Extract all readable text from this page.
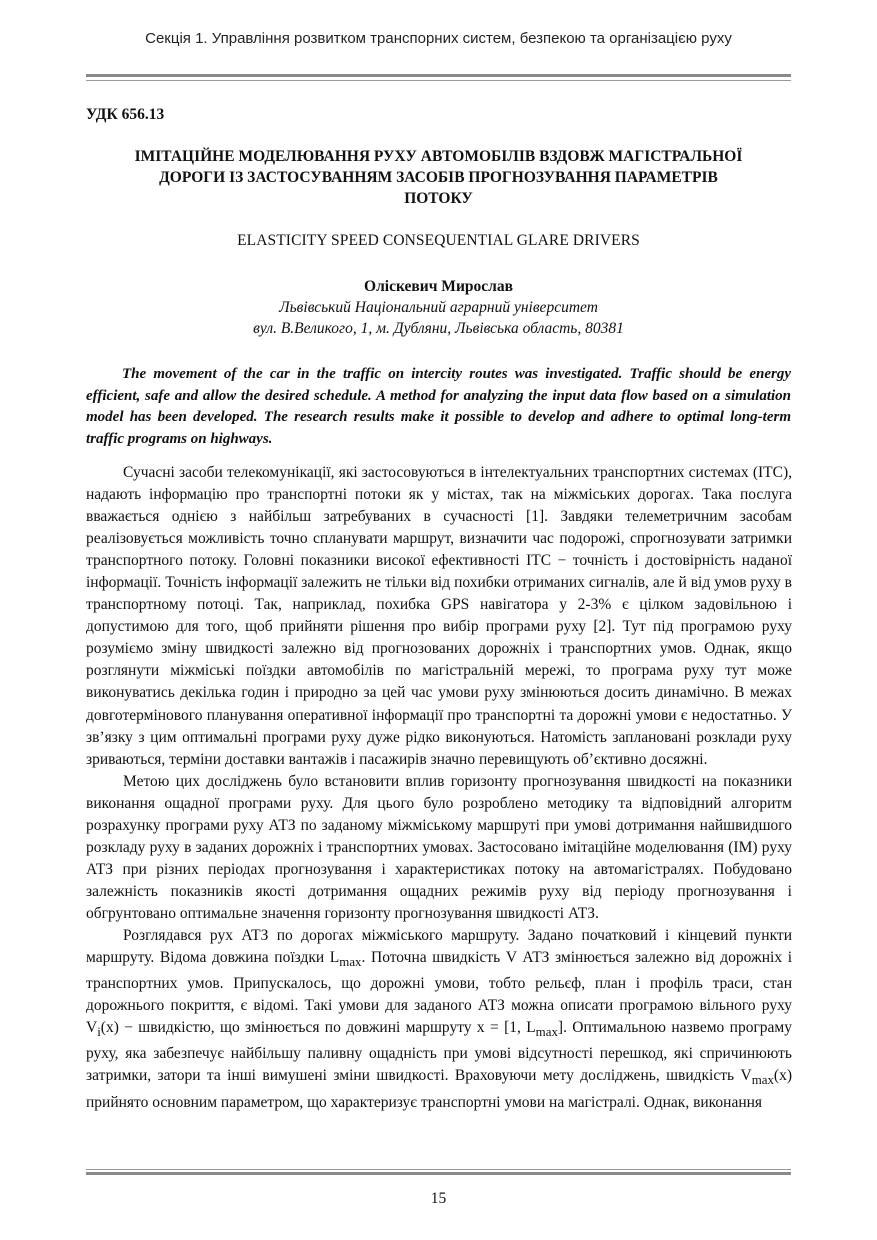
Секція 1. Управління розвитком транспорних систем, безпекою та організацією руху
УДК 656.13
ІМІТАЦІЙНЕ МОДЕЛЮВАННЯ РУХУ АВТОМОБІЛІВ ВЗДОВЖ МАГІСТРАЛЬНОЇ
ДОРОГИ ІЗ ЗАСТОСУВАННЯМ ЗАСОБІВ ПРОГНОЗУВАННЯ ПАРАМЕТРІВ
ПОТОКУ
ELASTICITY SPEED CONSEQUENTIAL GLARE DRIVERS
Оліскевич Мирослав
Львівський Національний аграрний університет
вул. В.Великого, 1, м. Дубляни, Львівська область, 80381

The movement of the car in the traffic on intercity routes was investigated. Traffic should be energy efficient, safe and allow the desired schedule. A method for analyzing the input data flow based on a simulation model has been developed. The research results make it possible to develop and adhere to optimal long-term traffic programs on highways.

Сучасні засоби телекомунікації, які застосовуються в інтелектуальних транспортних системах (ІТС), надають інформацію про транспортні потоки як у містах, так на міжміських дорогах. Така послуга вважається однією з найбільш затребуваних в сучасності [1]. Завдяки телеметричним засобам реалізовується можливість точно спланувати маршрут, визначити час подорожі, спрогнозувати затримки транспортного потоку. Головні показники високої ефективності ІТС − точність і достовірність наданої інформації. Точність інформації залежить не тільки від похибки отриманих сигналів, але й від умов руху в транспортному потоці. Так, наприклад, похибка GPS навігатора у 2-3% є цілком задовільною і допустимою для того, щоб прийняти рішення про вибір програми руху [2]. Тут під програмою руху розуміємо зміну швидкості залежно від прогнозованих дорожніх і транспортних умов. Однак, якщо розглянути міжміські поїздки автомобілів по магістральній мережі, то програма руху тут може виконуватись декілька годин і природно за цей час умови руху змінюються досить динамічно. В межах довготермінового планування оперативної інформації про транспортні та дорожні умови є недостатньо. У зв’язку з цим оптимальні програми руху дуже рідко виконуються. Натомість заплановані розклади руху зриваються, терміни доставки вантажів і пасажирів значно перевищують об’єктивно досяжні.

Метою цих досліджень було встановити вплив горизонту прогнозування швидкості на показники виконання ощадної програми руху. Для цього було розроблено методику та відповідний алгоритм розрахунку програми руху АТЗ по заданому міжміському маршруті при умові дотримання найшвидшого розкладу руху в заданих дорожніх і транспортних умовах. Застосовано імітаційне моделювання (ІМ) руху АТЗ при різних періодах прогнозування і характеристиках потоку на автомагістралях. Побудовано залежність показників якості дотримання ощадних режимів руху від періоду прогнозування і обгрунтовано оптимальне значення горизонту прогнозування швидкості АТЗ.

Розглядався рух АТЗ по дорогах міжміського маршруту. Задано початковий і кінцевий пункти маршруту. Відома довжина поїздки $L_{max}$. Поточна швидкість V АТЗ змінюється залежно від дорожніх і транспортних умов. Припускалось, що дорожні умови, тобто рельєф, план і профіль траси, стан дорожнього покриття, є відомі. Такі умови для заданого АТЗ можна описати програмою вільного руху $V_i(x)$ − швидкістю, що змінюється по довжині маршруту x = [1, $L_{max}$]. Оптимальною назвемо програму руху, яка забезпечує найбільшу паливну ощадність при умові відсутності перешкод, які спричинюють затримки, затори та інші вимушені зміни швидкості. Враховуючи мету досліджень, швидкість $V_{max}(x)$ прийнято основним параметром, що характеризує транспортні умови на магістралі. Однак, виконання

15
